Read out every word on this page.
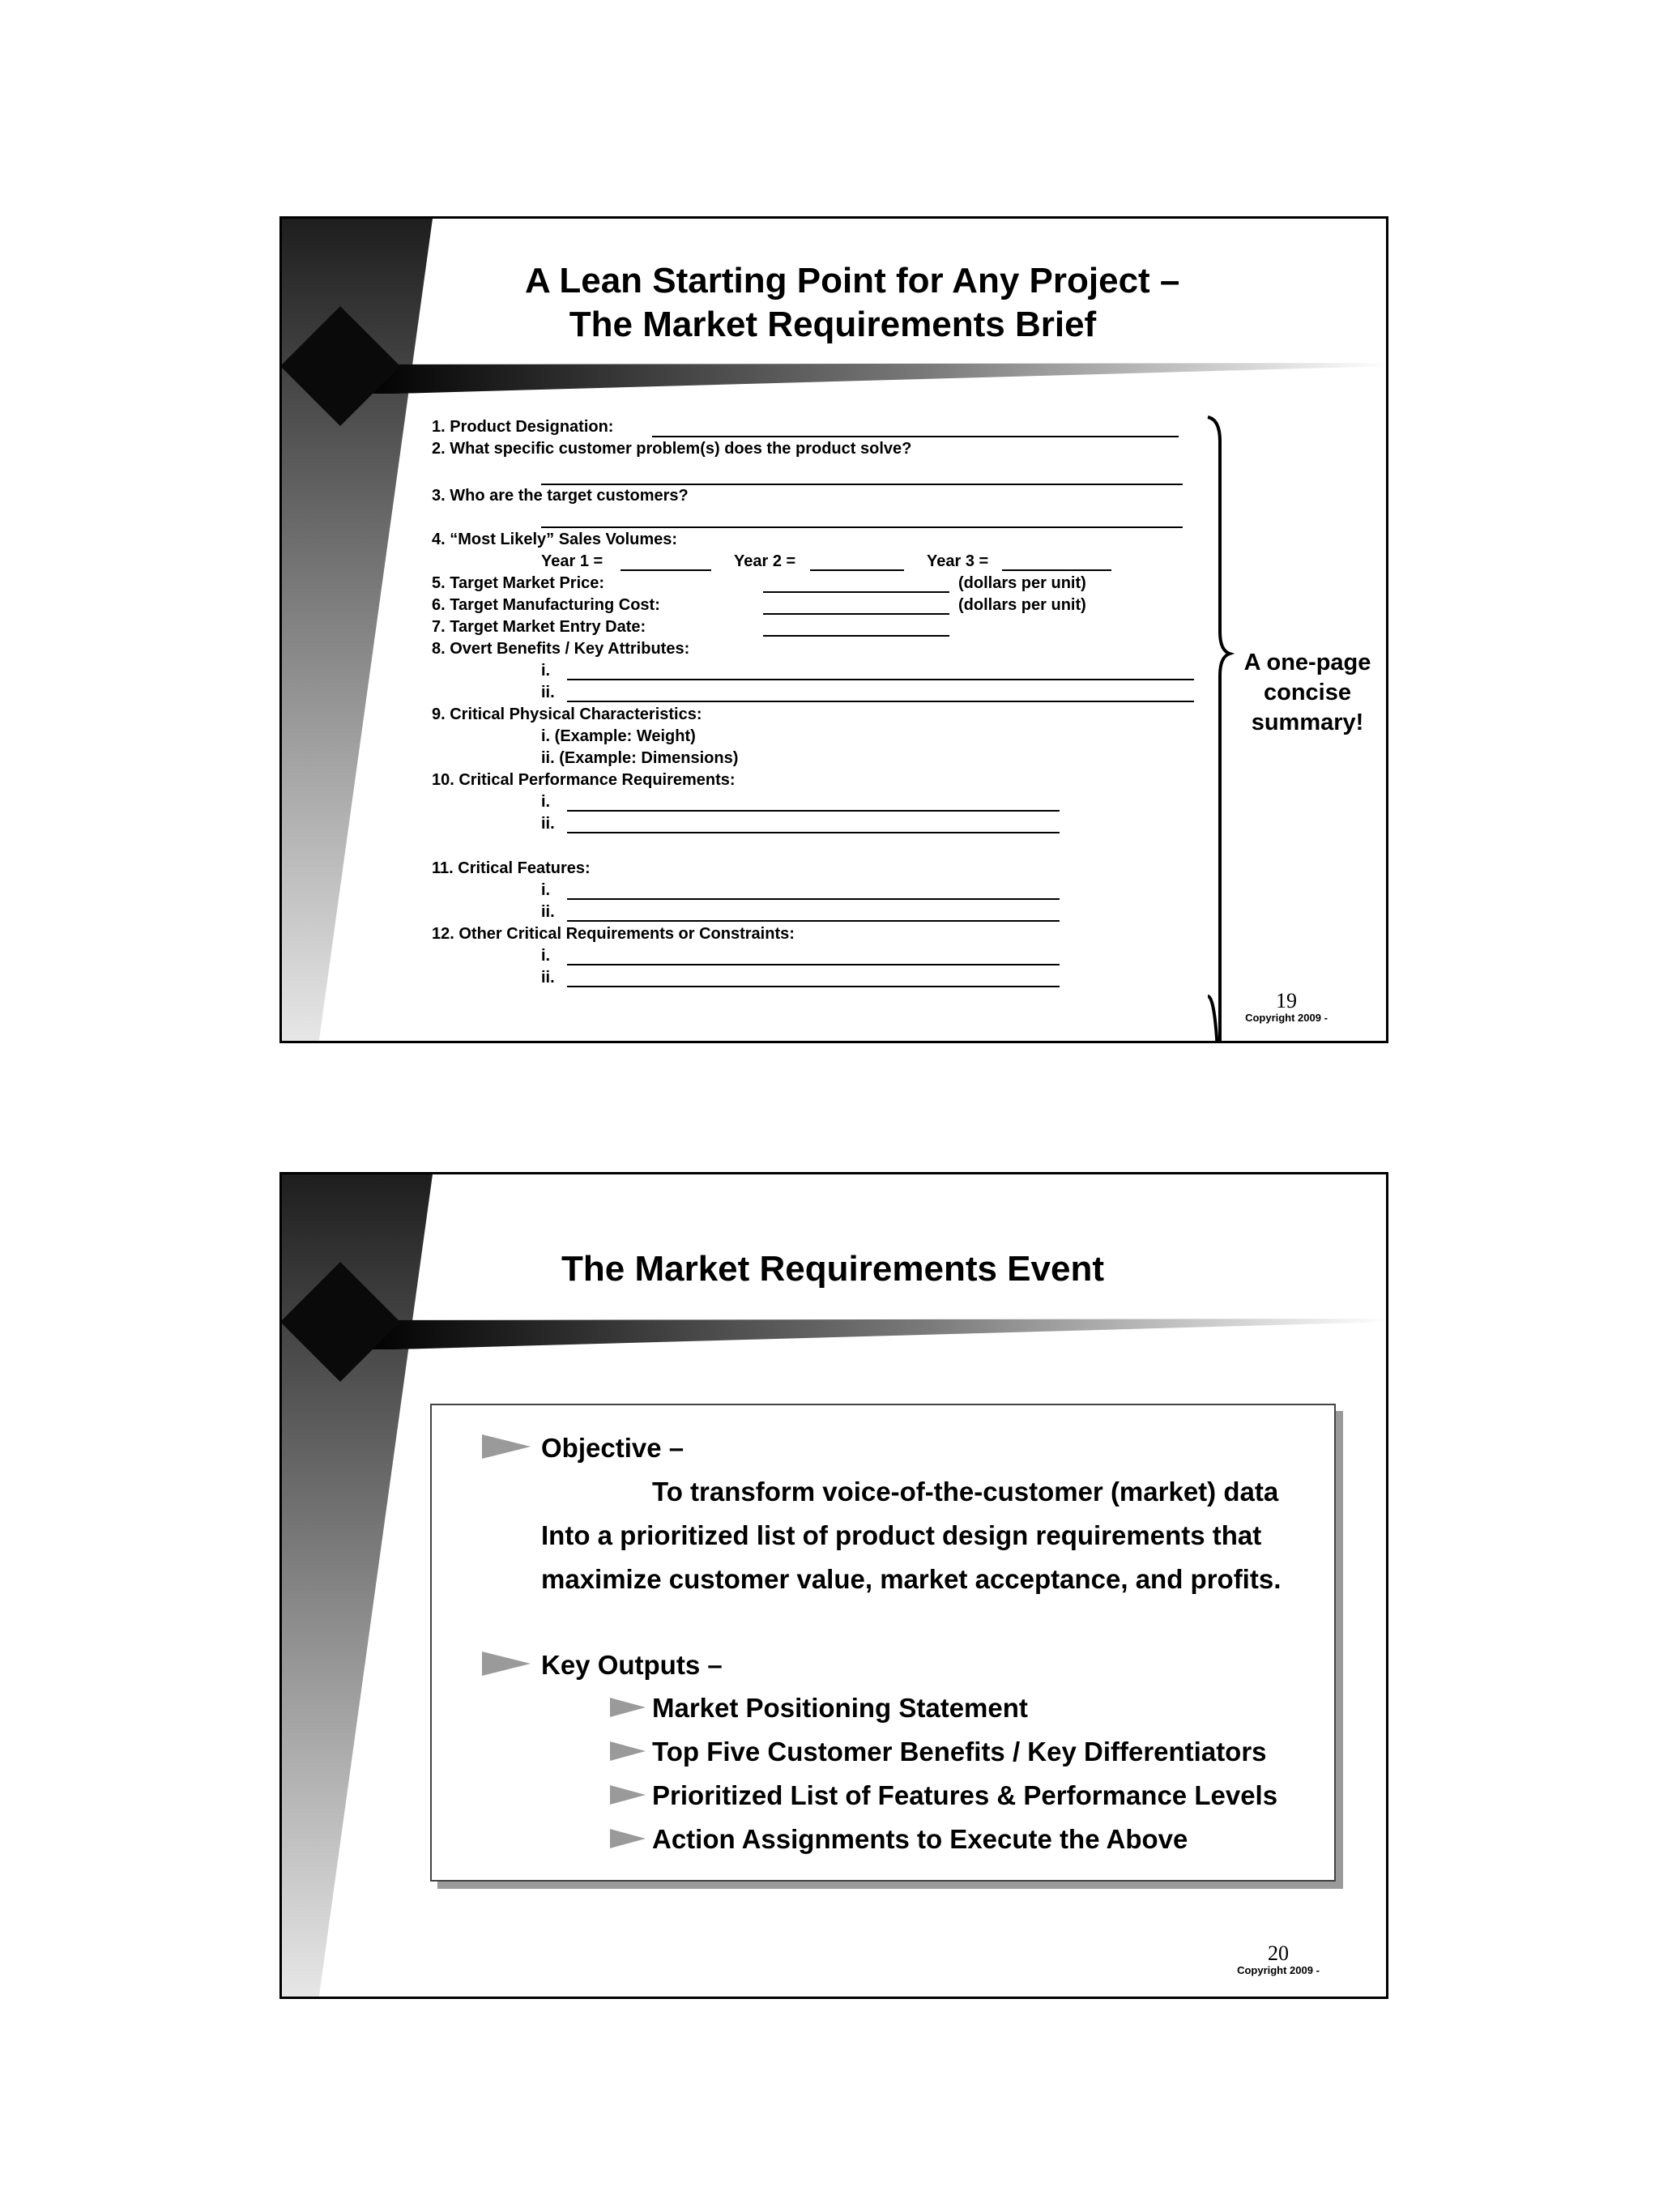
A Lean Starting Point for Any Project –
The Market Requirements Brief
1. Product Designation:
2. What specific customer problem(s) does the product solve?
3. Who are the target customers?
4. “Most Likely” Sales Volumes:
Year 1 =	Year 2 =	Year 3 =
5. Target Market Price:	(dollars per unit)
6. Target Manufacturing Cost:	(dollars per unit)
7. Target Market Entry Date:
8. Overt Benefits / Key Attributes:
i.
ii.
9. Critical Physical Characteristics:
i. (Example: Weight)
ii. (Example: Dimensions)
10. Critical Performance Requirements:
i.
ii.
11. Critical Features:
i.
ii.
12. Other Critical Requirements or Constraints:
i.
ii.
A one-page
concise
summary!
19
Copyright 2009 -
The Market Requirements Event
Objective –
To transform voice-of-the-customer (market) data
Into a prioritized list of product design requirements that
maximize customer value, market acceptance, and profits.
Key Outputs –
Market Positioning Statement
Top Five Customer Benefits / Key Differentiators
Prioritized List of Features & Performance Levels
Action Assignments to Execute the Above
20
Copyright 2009 -
